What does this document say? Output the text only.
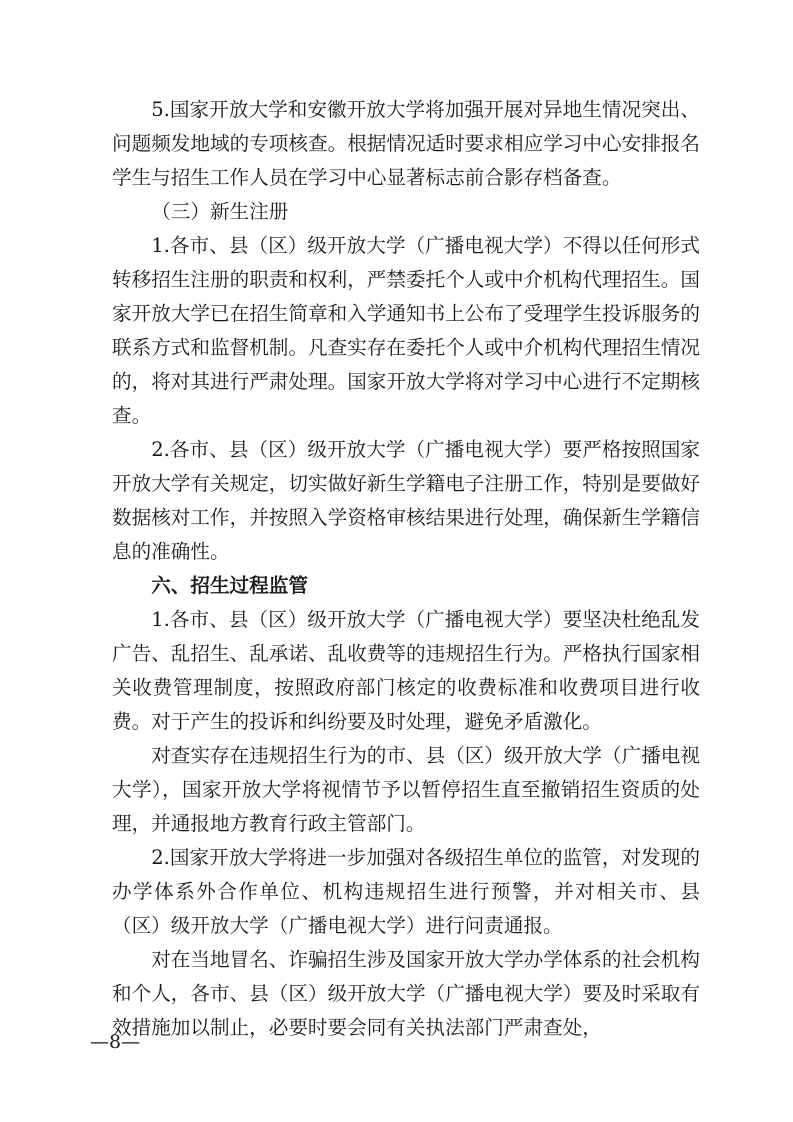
5.国家开放大学和安徽开放大学将加强开展对异地生情况突出、问题频发地域的专项核查。根据情况适时要求相应学习中心安排报名学生与招生工作人员在学习中心显著标志前合影存档备查。

（三）新生注册

1.各市、县（区）级开放大学（广播电视大学）不得以任何形式转移招生注册的职责和权利，严禁委托个人或中介机构代理招生。国家开放大学已在招生简章和入学通知书上公布了受理学生投诉服务的联系方式和监督机制。凡查实存在委托个人或中介机构代理招生情况的，将对其进行严肃处理。国家开放大学将对学习中心进行不定期核查。

2.各市、县（区）级开放大学（广播电视大学）要严格按照国家开放大学有关规定，切实做好新生学籍电子注册工作，特别是要做好数据核对工作，并按照入学资格审核结果进行处理，确保新生学籍信息的准确性。

六、招生过程监管

1.各市、县（区）级开放大学（广播电视大学）要坚决杜绝乱发广告、乱招生、乱承诺、乱收费等的违规招生行为。严格执行国家相关收费管理制度，按照政府部门核定的收费标准和收费项目进行收费。对于产生的投诉和纠纷要及时处理，避免矛盾激化。

对查实存在违规招生行为的市、县（区）级开放大学（广播电视大学），国家开放大学将视情节予以暂停招生直至撤销招生资质的处理，并通报地方教育行政主管部门。

2.国家开放大学将进一步加强对各级招生单位的监管，对发现的办学体系外合作单位、机构违规招生进行预警，并对相关市、县（区）级开放大学（广播电视大学）进行问责通报。

对在当地冒名、诈骗招生涉及国家开放大学办学体系的社会机构和个人，各市、县（区）级开放大学（广播电视大学）要及时采取有效措施加以制止，必要时要会同有关执法部门严肃查处，

—8—
